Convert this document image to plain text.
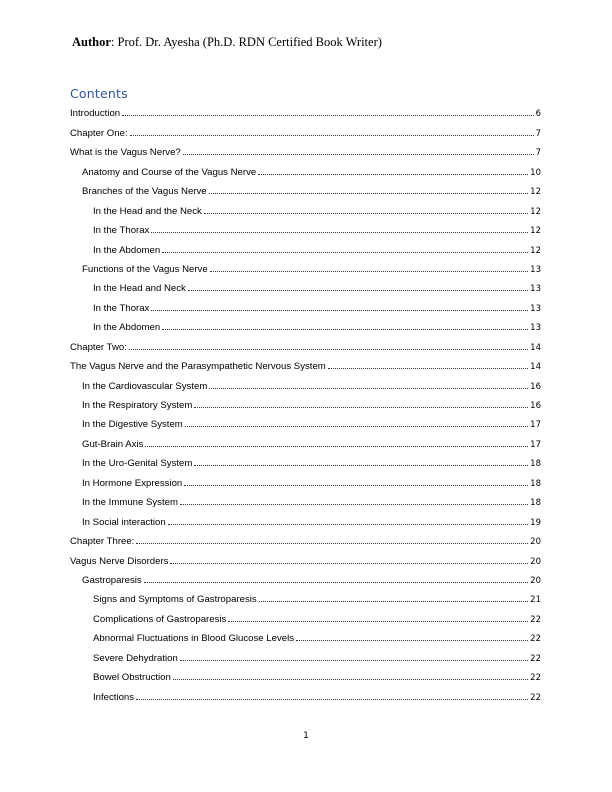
Author: Prof. Dr. Ayesha (Ph.D. RDN Certified Book Writer)
Contents
Introduction	6
Chapter One:	7
What is the Vagus Nerve?	7
Anatomy and Course of the Vagus Nerve	10
Branches of the Vagus Nerve	12
In the Head and the Neck	12
In the Thorax	12
In the Abdomen	12
Functions of the Vagus Nerve	13
In the Head and Neck	13
In the Thorax	13
In the Abdomen	13
Chapter Two:	14
The Vagus Nerve and the Parasympathetic Nervous System	14
In the Cardiovascular System	16
In the Respiratory System	16
In the Digestive System	17
Gut-Brain Axis	17
In the Uro-Genital System	18
In Hormone Expression	18
In the Immune System	18
In Social interaction	19
Chapter Three:	20
Vagus Nerve Disorders	20
Gastroparesis	20
Signs and Symptoms of Gastroparesis	21
Complications of Gastroparesis	22
Abnormal Fluctuations in Blood Glucose Levels	22
Severe Dehydration	22
Bowel Obstruction	22
Infections	22
1
